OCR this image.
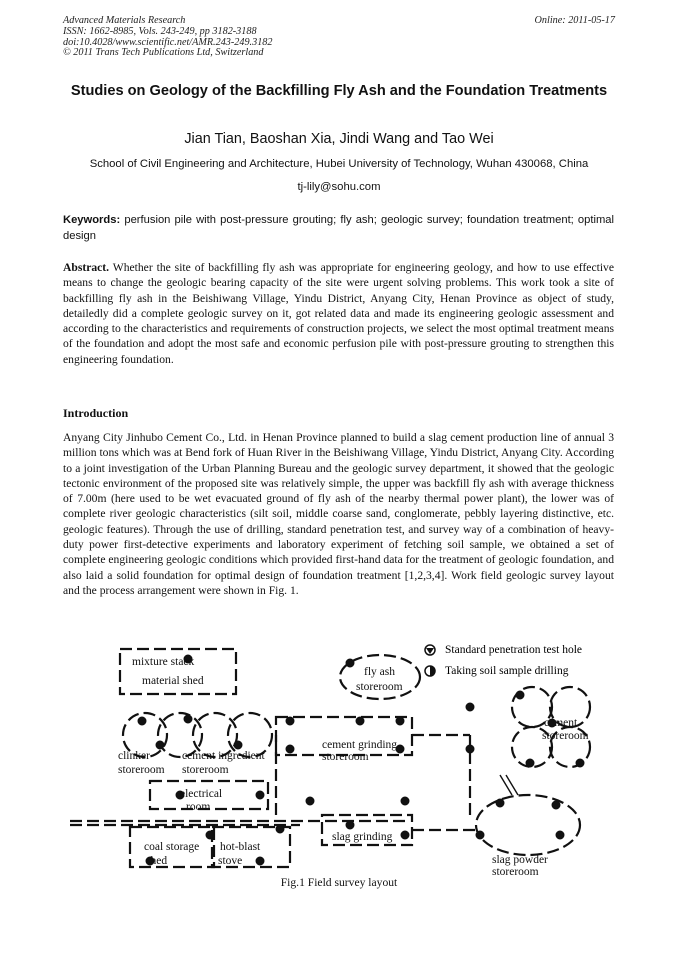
Advanced Materials Research
ISSN: 1662-8985, Vols. 243-249, pp 3182-3188
doi:10.4028/www.scientific.net/AMR.243-249.3182
© 2011 Trans Tech Publications Ltd, Switzerland
Online: 2011-05-17
Studies on Geology of the Backfilling Fly Ash and the Foundation Treatments
Jian Tian, Baoshan Xia, Jindi Wang and Tao Wei
School of Civil Engineering and Architecture, Hubei University of Technology, Wuhan 430068, China
tj-lily@sohu.com
Keywords: perfusion pile with post-pressure grouting; fly ash; geologic survey; foundation treatment; optimal design
Abstract. Whether the site of backfilling fly ash was appropriate for engineering geology, and how to use effective means to change the geologic bearing capacity of the site were urgent solving problems. This work took a site of backfilling fly ash in the Beishiwang Village, Yindu District, Anyang City, Henan Province as object of study, detailedly did a complete geologic survey on it, got related data and made its engineering geologic assessment and according to the characteristics and requirements of construction projects, we select the most optimal treatment means of the foundation and adopt the most safe and economic perfusion pile with post-pressure grouting to strengthen this engineering foundation.
Introduction
Anyang City Jinhubo Cement Co., Ltd. in Henan Province planned to build a slag cement production line of annual 3 million tons which was at Bend fork of Huan River in the Beishiwang Village, Yindu District, Anyang City. According to a joint investigation of the Urban Planning Bureau and the geologic survey department, it showed that the geologic tectonic environment of the proposed site was relatively simple, the upper was backfill fly ash with average thickness of 7.00m (here used to be wet evacuated ground of fly ash of the nearby thermal power plant), the lower was of complete river geologic characteristics (silt soil, middle coarse sand, conglomerate, pebbly layering distinctive, etc. geologic features). Through the use of drilling, standard penetration test, and survey way of a combination of heavy-duty power first-detective experiments and laboratory experiment of fetching soil sample, we obtained a set of complete engineering geologic conditions which provided first-hand data for the treatment of geologic foundation, and also laid a solid foundation for optimal design of foundation treatment [1,2,3,4]. Work field geologic survey layout and the process arrangement were shown in Fig. 1.
Standard penetration test hole
Taking soil sample drilling
mixture stack
material shed
fly ash
storeroom
clinker
storeroom
cement ingredient
storeroom
cement grinding
storeroom
cement
storeroom
electrical
room
coal storage
shed
hot-blast
stove
slag grinding
slag powder
storeroom
Fig.1 Field survey layout
